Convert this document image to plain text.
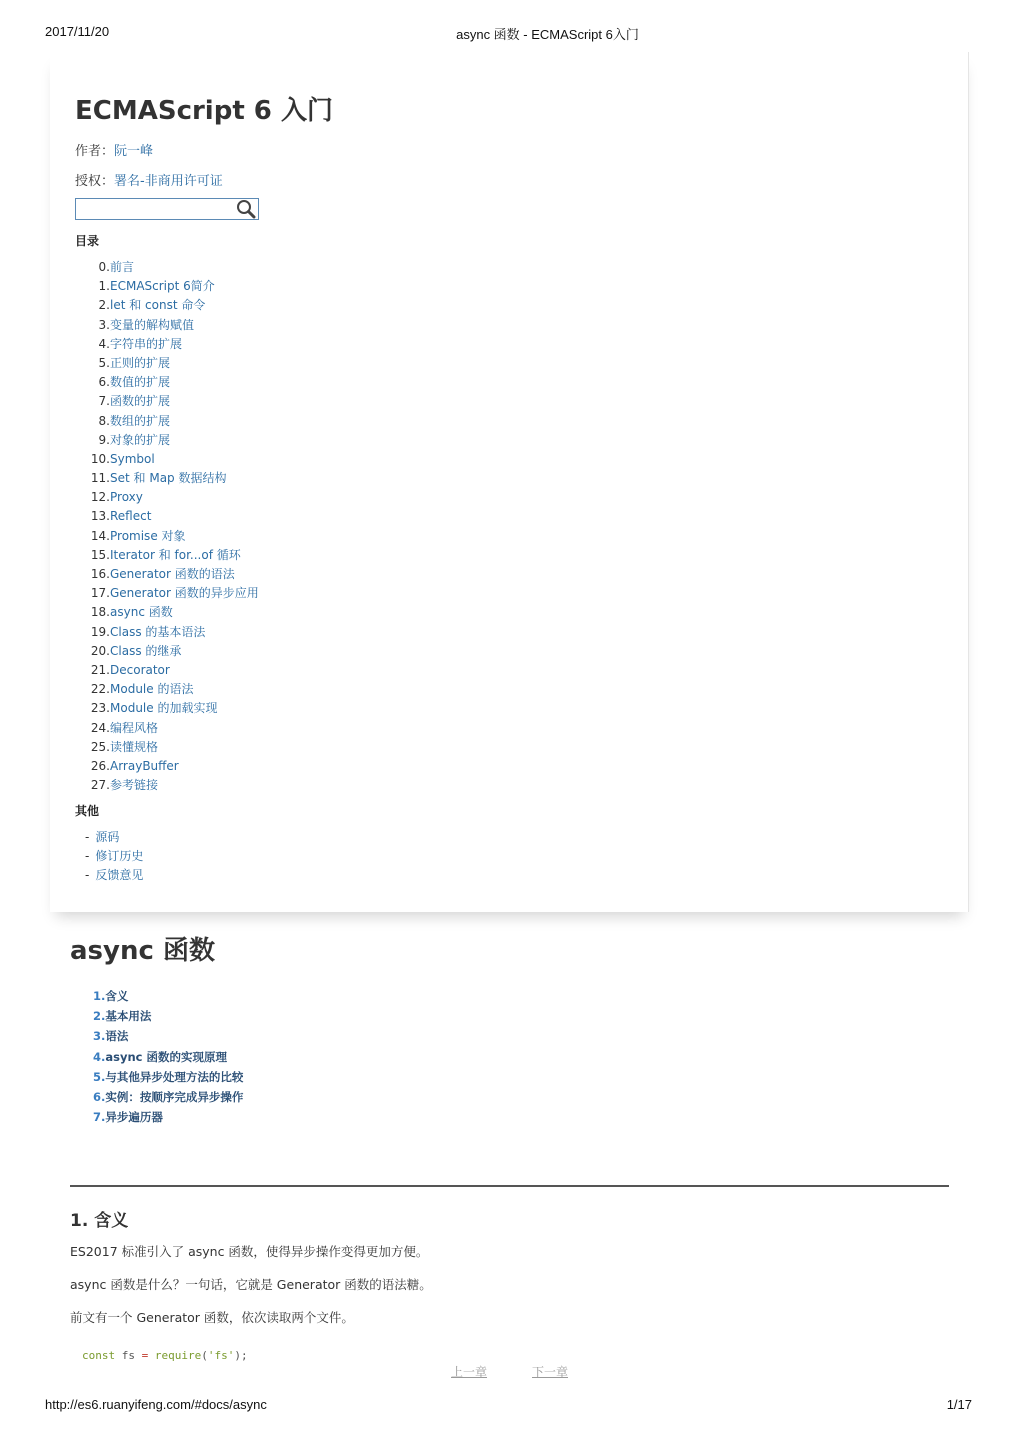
2017/11/20	async 函数 - ECMAScript 6入门
ECMAScript 6 入门
作者：阮一峰
授权：署名-非商用许可证
目录
0.前言
1.ECMAScript 6简介
2.let 和 const 命令
3.变量的解构赋值
4.字符串的扩展
5.正则的扩展
6.数值的扩展
7.函数的扩展
8.数组的扩展
9.对象的扩展
10.Symbol
11.Set 和 Map 数据结构
12.Proxy
13.Reflect
14.Promise 对象
15.Iterator 和 for...of 循环
16.Generator 函数的语法
17.Generator 函数的异步应用
18.async 函数
19.Class 的基本语法
20.Class 的继承
21.Decorator
22.Module 的语法
23.Module 的加载实现
24.编程风格
25.读懂规格
26.ArrayBuffer
27.参考链接
其他
- 源码
- 修订历史
- 反馈意见
async 函数
1.含义
2.基本用法
3.语法
4.async 函数的实现原理
5.与其他异步处理方法的比较
6.实例：按顺序完成异步操作
7.异步遍历器
1. 含义

ES2017 标准引入了 async 函数，使得异步操作变得更加方便。

async 函数是什么？一句话，它就是 Generator 函数的语法糖。

前文有一个 Generator 函数，依次读取两个文件。

const fs = require('fs');
上一章	下一章
http://es6.ruanyifeng.com/#docs/async	1/17
